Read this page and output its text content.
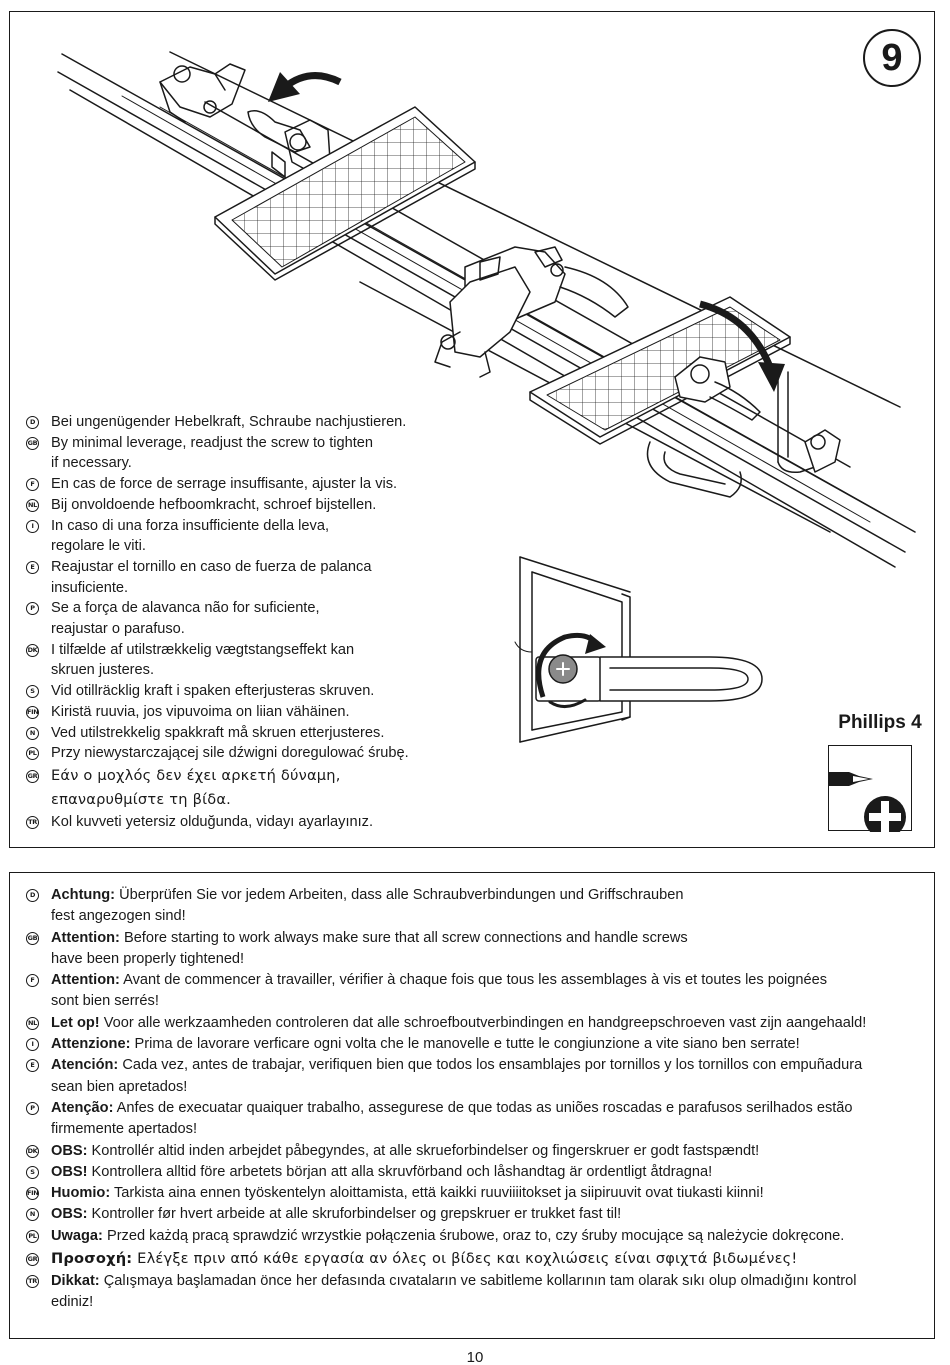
9
D Bei ungenügender Hebelkraft, Schraube nachjustieren.
GB By minimal leverage, readjust the screw to tighten
if necessary.
F	En cas de force de serrage insuffisante, ajuster la vis.
NL Bij onvoldoende hefboomkracht, schroef bijstellen.
I	In caso di una forza insufficiente della leva,
regolare le viti.
E	Reajustar el tornillo en caso de fuerza de palanca
insuficiente.
P Se a força de alavanca não for suficiente,
reajustar o parafuso.
DK I tilfælde af utilstrækkelig vægtstangseffekt kan
skruen justeres.
S Vid otillräcklig kraft i spaken efterjusteras skruven.
FIN Kiristä ruuvia, jos vipuvoima on liian vähäinen.
N Ved utilstrekkelig spakkraft må skruen etterjusteres.
PL Przy niewystarczającej sile dźwigni doregulować śrubę.
GR Εάν ο μοχλός δεν έχει αρκετή δύναμη,
επαναρυθμίστε τη βίδα.
TR Kol kuvveti yetersiz olduğunda, vidayı ayarlayınız.
Phillips 4
D Achtung: Überprüfen Sie vor jedem Arbeiten, dass alle Schraubverbindungen und Griffschrauben
fest angezogen sind!
GB Attention: Before starting to work always make sure that all screw connections and handle screws
have been properly tightened!
F	Attention: Avant de commencer à travailler, vérifier à chaque fois que tous les assemblages à vis et toutes les poignées
sont bien serrés!
NL Let op! Voor alle werkzaamheden controleren dat alle schroefboutverbindingen en handgreepschroeven vast zijn aangehaald!
I	Attenzione: Prima de lavorare verficare ogni volta che le manovelle e tutte le congiunzione a vite siano ben serrate!
E	Atención: Cada vez, antes de trabajar, verifiquen bien que todos los ensamblajes por tornillos y los tornillos con empuñadura
sean bien apretados!
P Atenção: Anfes de execuatar quaiquer trabalho, assegurese de que todas as uniões roscadas e parafusos serilhados estão
firmemente apertados!
DK OBS: Kontrollér altid inden arbejdet påbegyndes, at alle skrueforbindelser og fingerskruer er godt fastspændt!
S OBS! Kontrollera alltid före arbetets början att alla skruvförband och låshandtag är ordentligt åtdragna!
FIN Huomio: Tarkista aina ennen työskentelyn aloittamista, että kaikki ruuviiiitokset ja siipiruuvit ovat tiukasti kiinni!
N OBS: Kontroller før hvert arbeide at alle skruforbindelser og grepskruer er trukket fast til!
PL Uwaga: Przed każdą pracą sprawdzić wrzystkie połączenia śrubowe, oraz to, czy śruby mocujące są należycie dokręcone.
GR Προσοχή: Ελέγξε πριν από κάθε εργασία αν όλες οι βίδες και κοχλιώσεις είναι σφιχτά βιδωμένες!
TR Dikkat: Çalışmaya başlamadan önce her defasında cıvataların ve sabitleme kollarının tam olarak sıkı olup olmadığını kontrol
ediniz!
10
